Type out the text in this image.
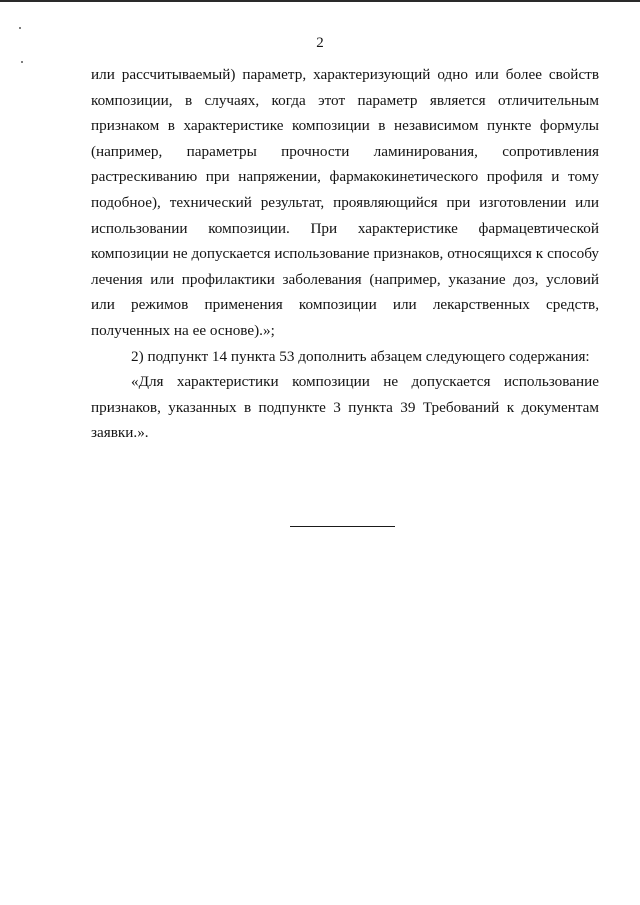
2

или рассчитываемый) параметр, характеризующий одно или более свойств композиции, в случаях, когда этот параметр является отличительным признаком в характеристике композиции в независимом пункте формулы (например, параметры прочности ламинирования, сопротивления растрескиванию при напряжении, фармакокинетического профиля и тому подобное), технический результат, проявляющийся при изготовлении или использовании композиции. При характеристике фармацевтической композиции не допускается использование признаков, относящихся к способу лечения или профилактики заболевания (например, указание доз, условий или режимов применения композиции или лекарственных средств, полученных на ее основе).»;

2) подпункт 14 пункта 53 дополнить абзацем следующего содержания:

«Для характеристики композиции не допускается использование признаков, указанных в подпункте 3 пункта 39 Требований к документам заявки.».
